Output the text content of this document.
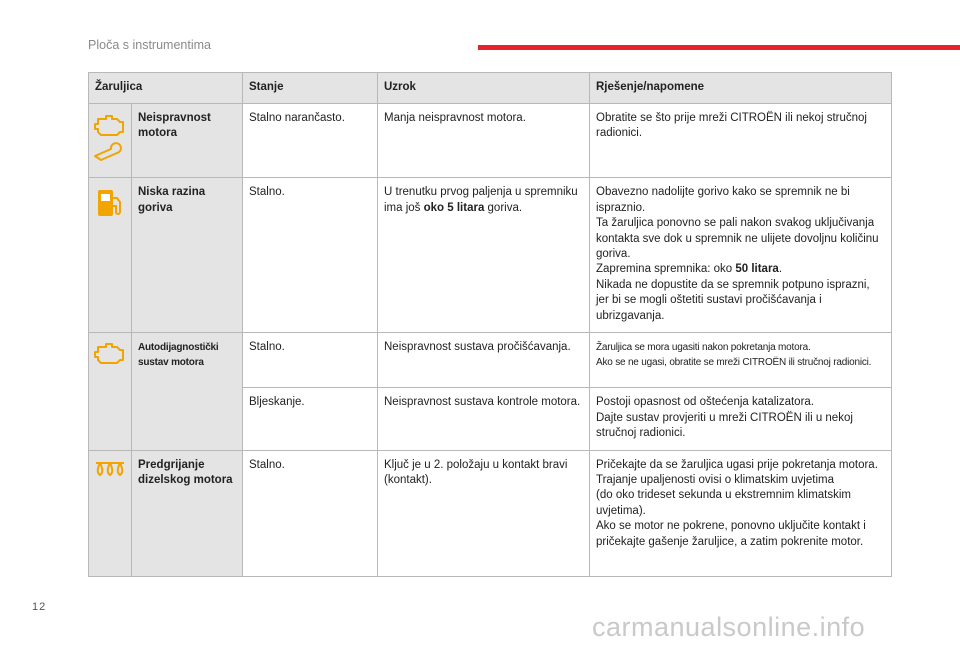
Ploča s instrumentima
Žaruljica		Stanje	Uzrok	Rješenje/napomene

	Neispravnost motora	Stalno narančasto.	Manja neispravnost motora.	Obratite se što prije mreži CITROËN ili nekoj stručnoj radionici.

	Niska razina goriva	Stalno.	U trenutku prvog paljenja u spremniku ima još oko 5 litara goriva.	Obavezno nadolijte gorivo kako se spremnik ne bi ispraznio.
Ta žaruljica ponovno se pali nakon svakog uključivanja kontakta sve dok u spremnik ne ulijete dovoljnu količinu goriva.
Zapremina spremnika: oko 50 litara.
Nikada ne dopustite da se spremnik potpuno isprazni, jer bi se mogli oštetiti sustavi pročišćavanja i ubrizgavanja.

	Autodijagnostički sustav motora	Stalno.	Neispravnost sustava pročišćavanja.	Žaruljica se mora ugasiti nakon pokretanja motora.
Ako se ne ugasi, obratite se mreži CITROËN ili stručnoj radionici.

		Bljeskanje.	Neispravnost sustava kontrole motora.	Postoji opasnost od oštećenja katalizatora.
Dajte sustav provjeriti u mreži CITROËN ili u nekoj stručnoj radionici.

	Predgrijanje dizelskog motora	Stalno.	Ključ je u 2. položaju u kontakt bravi (kontakt).	Pričekajte da se žaruljica ugasi prije pokretanja motora.
Trajanje upaljenosti ovisi o klimatskim uvjetima
(do oko trideset sekunda u ekstremnim klimatskim uvjetima).
Ako se motor ne pokrene, ponovno uključite kontakt i pričekajte gašenje žaruljice, a zatim pokrenite motor.
12
carmanualsonline.info
